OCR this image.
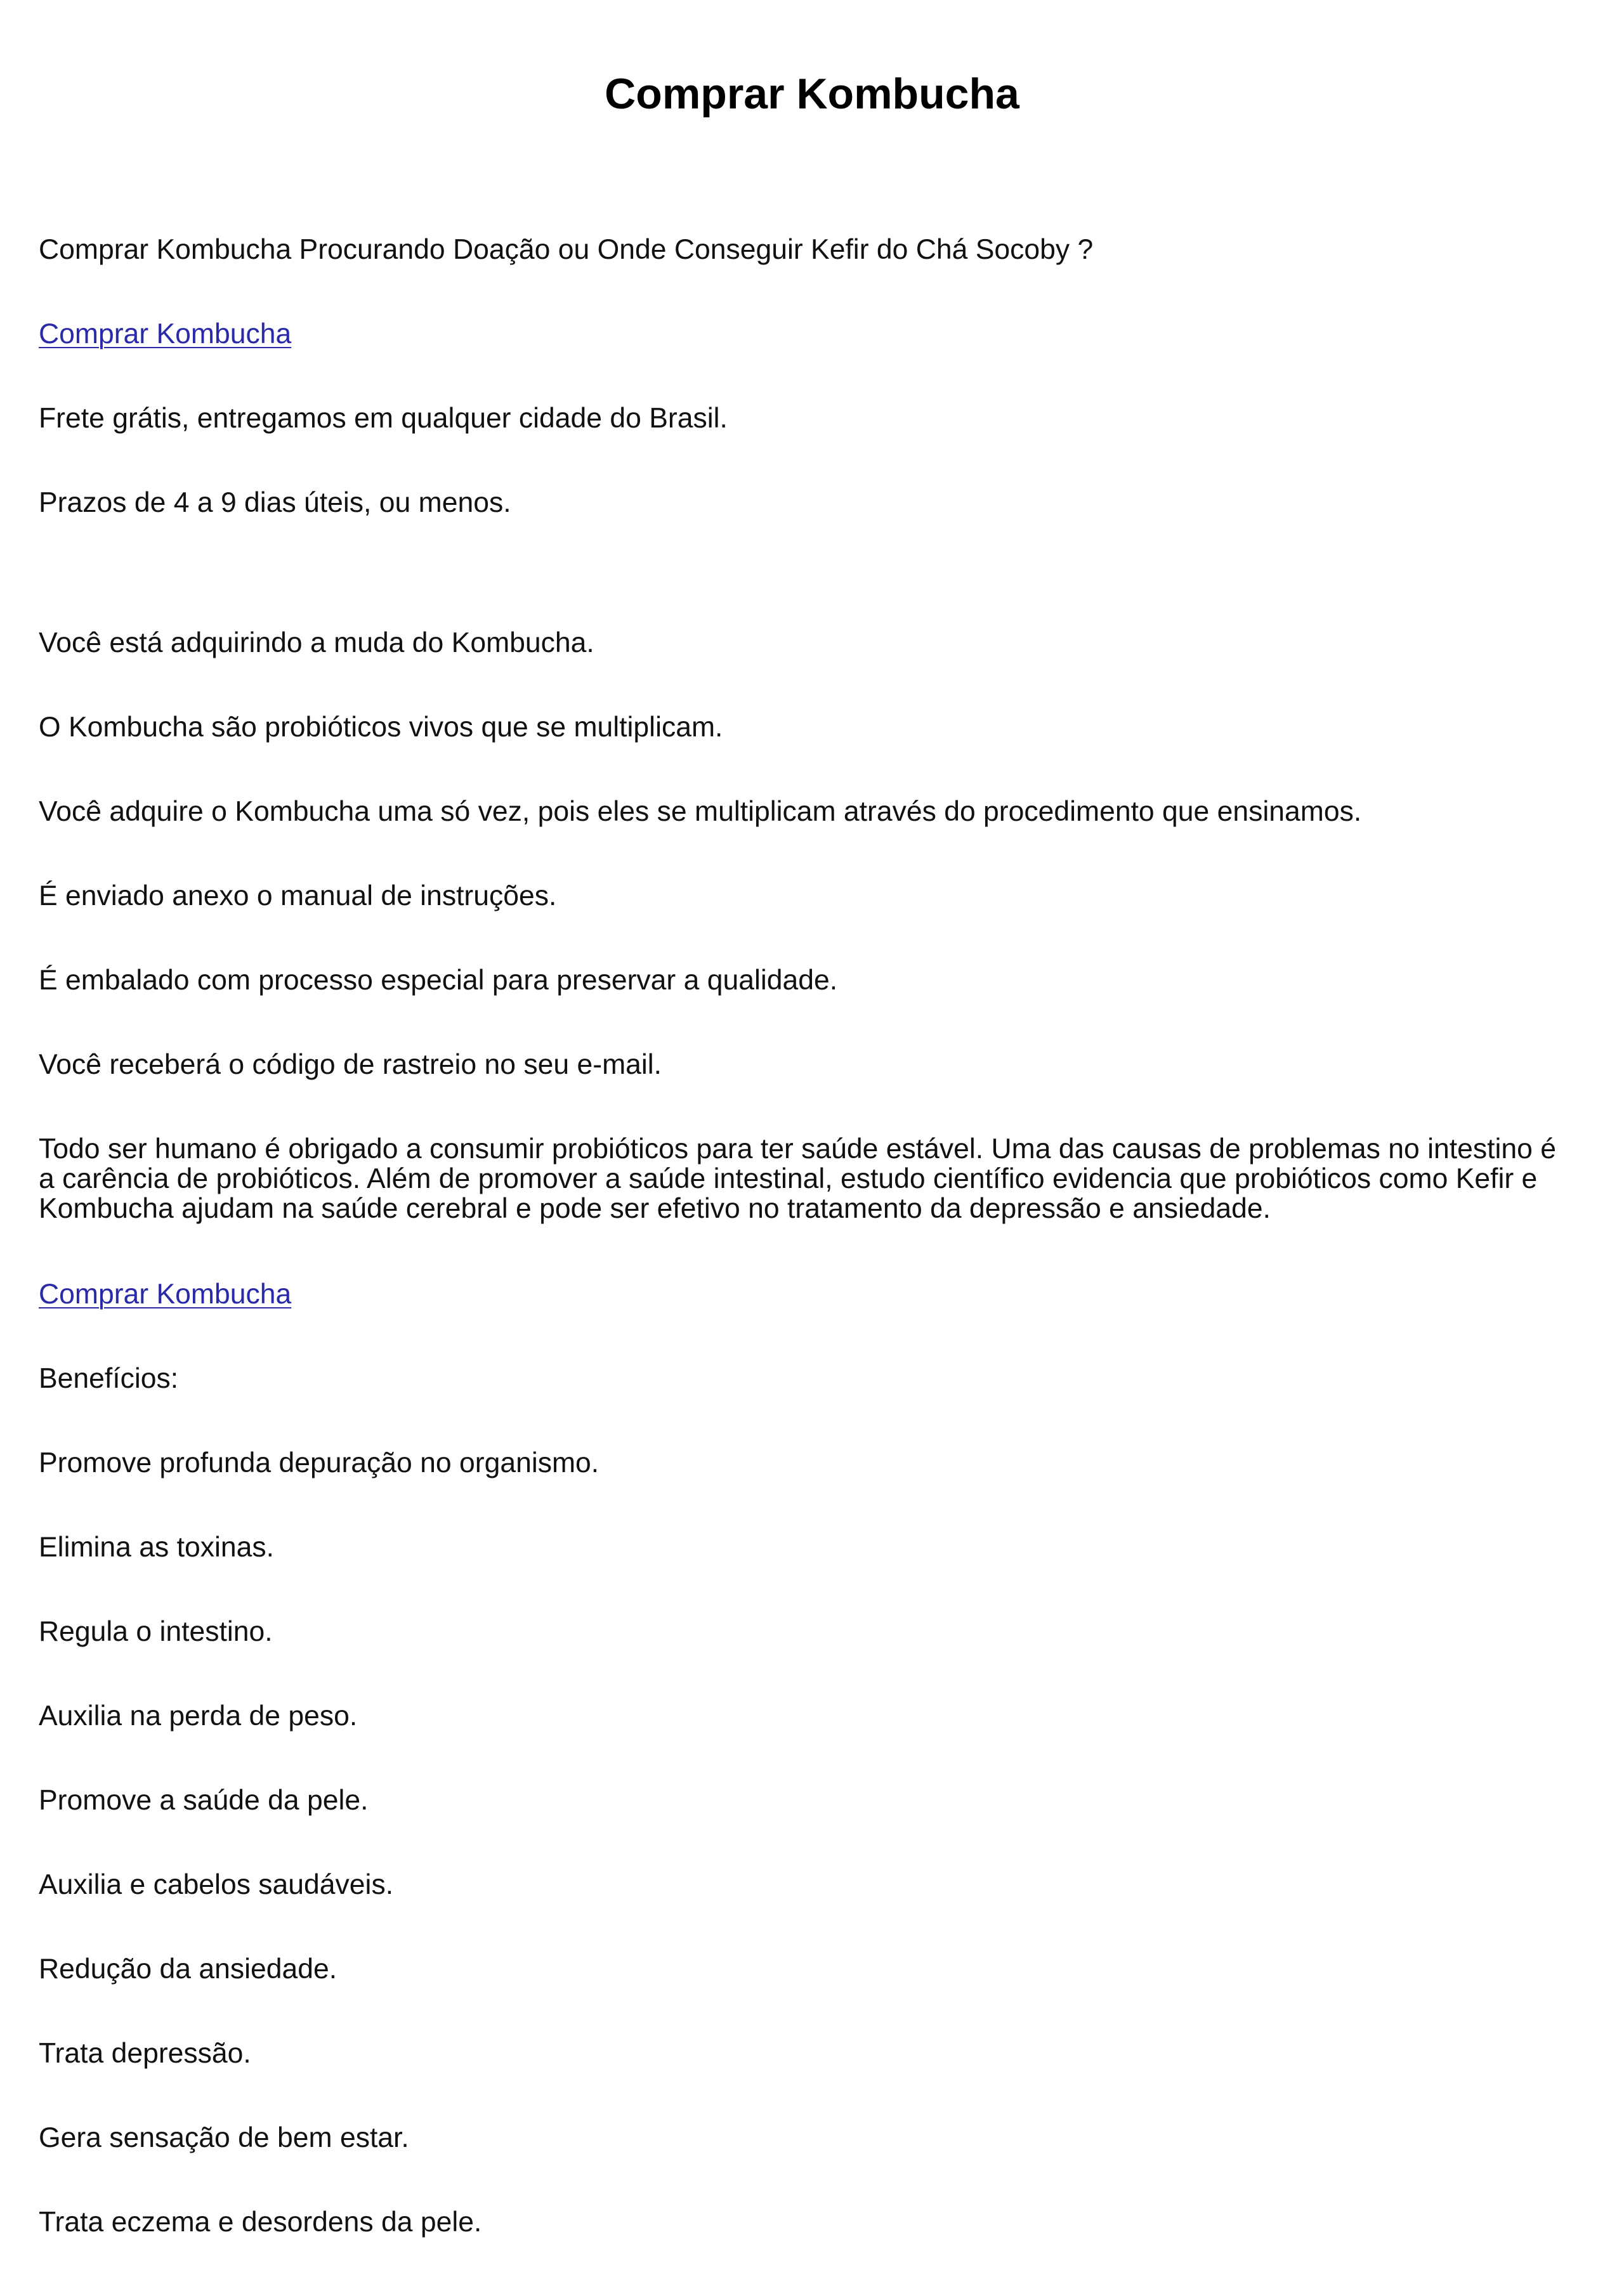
Comprar Kombucha

Comprar Kombucha Procurando Doação ou Onde Conseguir Kefir do Chá Socoby ?

Comprar Kombucha

Frete grátis, entregamos em qualquer cidade do Brasil.

Prazos de 4 a 9 dias úteis, ou menos.

Você está adquirindo a muda do Kombucha.

O Kombucha são probióticos vivos que se multiplicam.

Você adquire o Kombucha uma só vez, pois eles se multiplicam através do procedimento que ensinamos.

É enviado anexo o manual de instruções.

É embalado com processo especial para preservar a qualidade.

Você receberá o código de rastreio no seu e-mail.

Todo ser humano é obrigado a consumir probióticos para ter saúde estável. Uma das causas de problemas no intestino é a carência de probióticos. Além de promover a saúde intestinal, estudo científico evidencia que probióticos como Kefir e Kombucha ajudam na saúde cerebral e pode ser efetivo no tratamento da depressão e ansiedade.

Comprar Kombucha

Benefícios:

Promove profunda depuração no organismo.

Elimina as toxinas.

Regula o intestino.

Auxilia na perda de peso.

Promove a saúde da pele.

Auxilia e cabelos saudáveis.

Redução da ansiedade.

Trata depressão.

Gera sensação de bem estar.

Trata eczema e desordens da pele.
